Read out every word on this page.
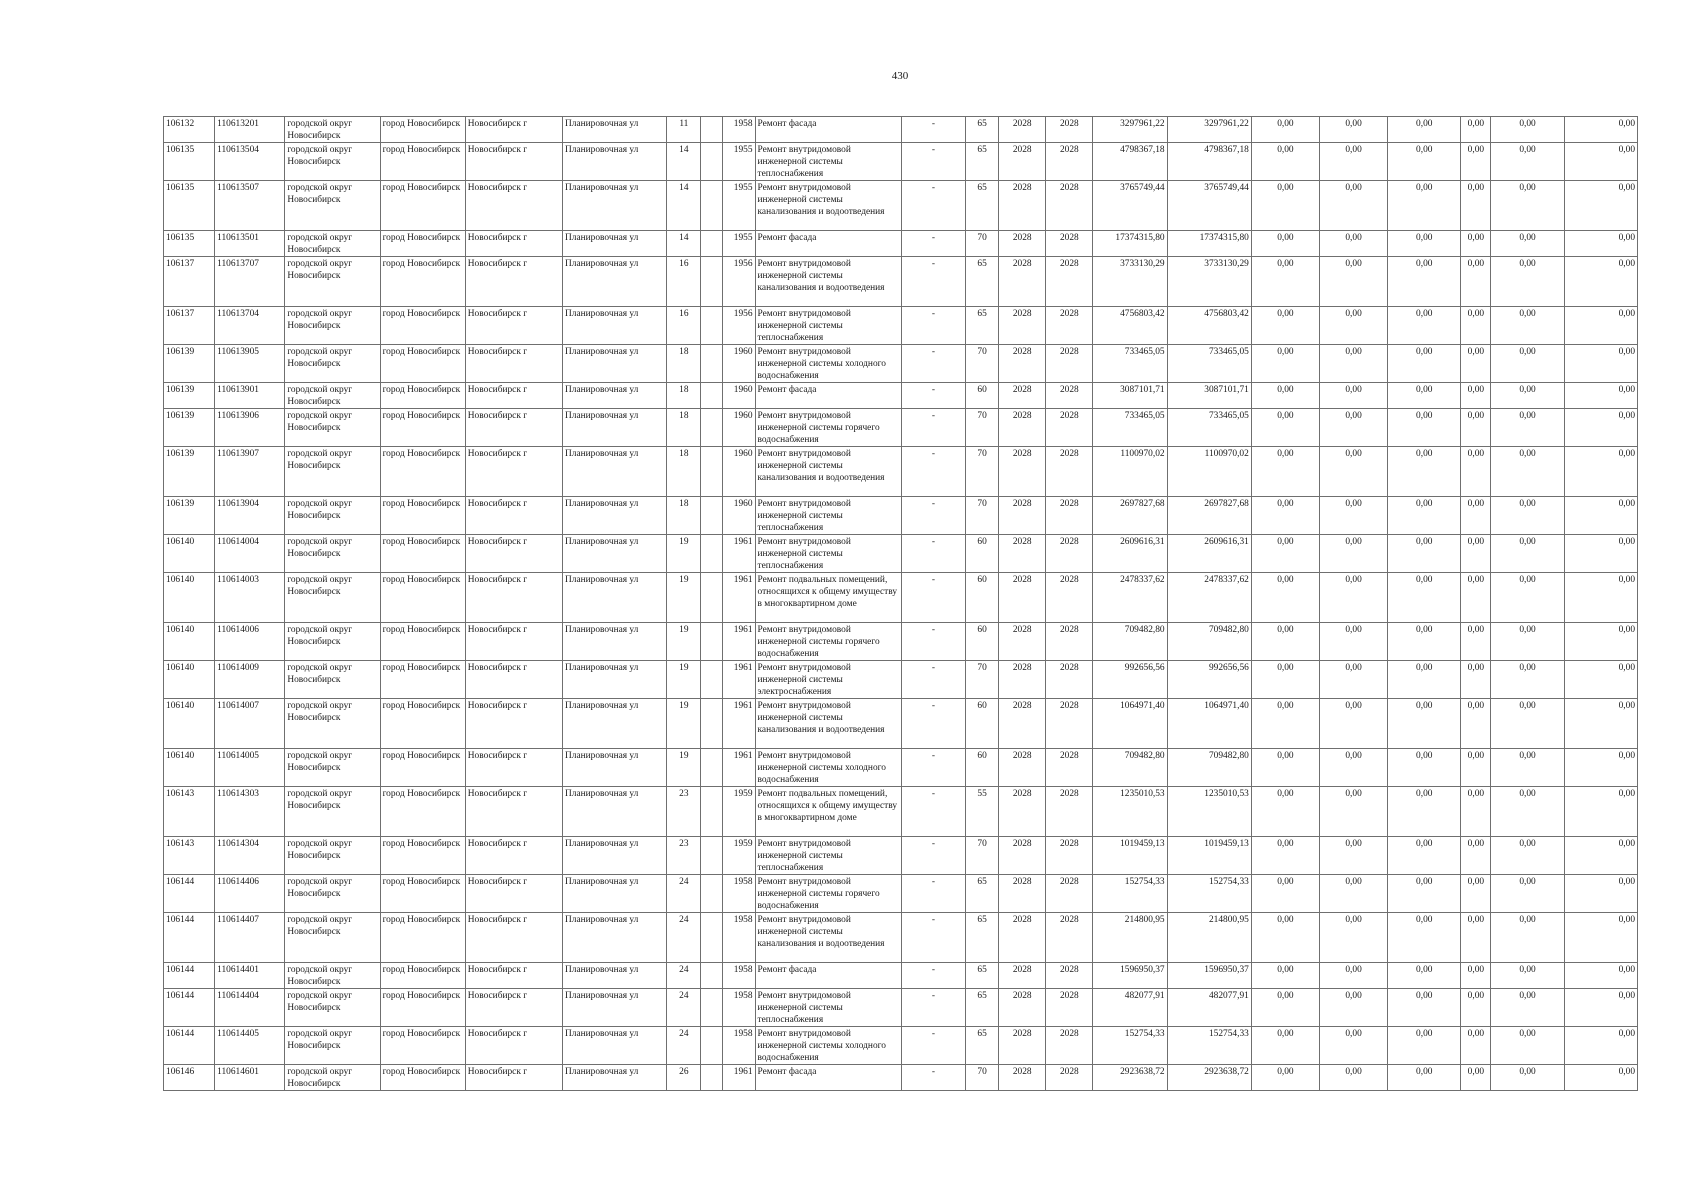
430
106132	110613201	городской округ Новосибирск	город Новосибирск	Новосибирск г	Планировочная ул	11		1958	Ремонт фасада	-	65	2028	2028	3297961,22	3297961,22	0,00	0,00	0,00	0,00	0,00	0,00
106135	110613504	городской округ Новосибирск	город Новосибирск	Новосибирск г	Планировочная ул	14		1955	Ремонт внутридомовой инженерной системы теплоснабжения	-	65	2028	2028	4798367,18	4798367,18	0,00	0,00	0,00	0,00	0,00	0,00
106135	110613507	городской округ Новосибирск	город Новосибирск	Новосибирск г	Планировочная ул	14		1955	Ремонт внутридомовой инженерной системы канализования и водоотведения	-	65	2028	2028	3765749,44	3765749,44	0,00	0,00	0,00	0,00	0,00	0,00
106135	110613501	городской округ Новосибирск	город Новосибирск	Новосибирск г	Планировочная ул	14		1955	Ремонт фасада	-	70	2028	2028	17374315,80	17374315,80	0,00	0,00	0,00	0,00	0,00	0,00
106137	110613707	городской округ Новосибирск	город Новосибирск	Новосибирск г	Планировочная ул	16		1956	Ремонт внутридомовой инженерной системы канализования и водоотведения	-	65	2028	2028	3733130,29	3733130,29	0,00	0,00	0,00	0,00	0,00	0,00
106137	110613704	городской округ Новосибирск	город Новосибирск	Новосибирск г	Планировочная ул	16		1956	Ремонт внутридомовой инженерной системы теплоснабжения	-	65	2028	2028	4756803,42	4756803,42	0,00	0,00	0,00	0,00	0,00	0,00
106139	110613905	городской округ Новосибирск	город Новосибирск	Новосибирск г	Планировочная ул	18		1960	Ремонт внутридомовой инженерной системы холодного водоснабжения	-	70	2028	2028	733465,05	733465,05	0,00	0,00	0,00	0,00	0,00	0,00
106139	110613901	городской округ Новосибирск	город Новосибирск	Новосибирск г	Планировочная ул	18		1960	Ремонт фасада	-	60	2028	2028	3087101,71	3087101,71	0,00	0,00	0,00	0,00	0,00	0,00
106139	110613906	городской округ Новосибирск	город Новосибирск	Новосибирск г	Планировочная ул	18		1960	Ремонт внутридомовой инженерной системы горячего водоснабжения	-	70	2028	2028	733465,05	733465,05	0,00	0,00	0,00	0,00	0,00	0,00
106139	110613907	городской округ Новосибирск	город Новосибирск	Новосибирск г	Планировочная ул	18		1960	Ремонт внутридомовой инженерной системы канализования и водоотведения	-	70	2028	2028	1100970,02	1100970,02	0,00	0,00	0,00	0,00	0,00	0,00
106139	110613904	городской округ Новосибирск	город Новосибирск	Новосибирск г	Планировочная ул	18		1960	Ремонт внутридомовой инженерной системы теплоснабжения	-	70	2028	2028	2697827,68	2697827,68	0,00	0,00	0,00	0,00	0,00	0,00
106140	110614004	городской округ Новосибирск	город Новосибирск	Новосибирск г	Планировочная ул	19		1961	Ремонт внутридомовой инженерной системы теплоснабжения	-	60	2028	2028	2609616,31	2609616,31	0,00	0,00	0,00	0,00	0,00	0,00
106140	110614003	городской округ Новосибирск	город Новосибирск	Новосибирск г	Планировочная ул	19		1961	Ремонт подвальных помещений, относящихся к общему имуществу в многоквартирном доме	-	60	2028	2028	2478337,62	2478337,62	0,00	0,00	0,00	0,00	0,00	0,00
106140	110614006	городской округ Новосибирск	город Новосибирск	Новосибирск г	Планировочная ул	19		1961	Ремонт внутридомовой инженерной системы горячего водоснабжения	-	60	2028	2028	709482,80	709482,80	0,00	0,00	0,00	0,00	0,00	0,00
106140	110614009	городской округ Новосибирск	город Новосибирск	Новосибирск г	Планировочная ул	19		1961	Ремонт внутридомовой инженерной системы электроснабжения	-	70	2028	2028	992656,56	992656,56	0,00	0,00	0,00	0,00	0,00	0,00
106140	110614007	городской округ Новосибирск	город Новосибирск	Новосибирск г	Планировочная ул	19		1961	Ремонт внутридомовой инженерной системы канализования и водоотведения	-	60	2028	2028	1064971,40	1064971,40	0,00	0,00	0,00	0,00	0,00	0,00
106140	110614005	городской округ Новосибирск	город Новосибирск	Новосибирск г	Планировочная ул	19		1961	Ремонт внутридомовой инженерной системы холодного водоснабжения	-	60	2028	2028	709482,80	709482,80	0,00	0,00	0,00	0,00	0,00	0,00
106143	110614303	городской округ Новосибирск	город Новосибирск	Новосибирск г	Планировочная ул	23		1959	Ремонт подвальных помещений, относящихся к общему имуществу в многоквартирном доме	-	55	2028	2028	1235010,53	1235010,53	0,00	0,00	0,00	0,00	0,00	0,00
106143	110614304	городской округ Новосибирск	город Новосибирск	Новосибирск г	Планировочная ул	23		1959	Ремонт внутридомовой инженерной системы теплоснабжения	-	70	2028	2028	1019459,13	1019459,13	0,00	0,00	0,00	0,00	0,00	0,00
106144	110614406	городской округ Новосибирск	город Новосибирск	Новосибирск г	Планировочная ул	24		1958	Ремонт внутридомовой инженерной системы горячего водоснабжения	-	65	2028	2028	152754,33	152754,33	0,00	0,00	0,00	0,00	0,00	0,00
106144	110614407	городской округ Новосибирск	город Новосибирск	Новосибирск г	Планировочная ул	24		1958	Ремонт внутридомовой инженерной системы канализования и водоотведения	-	65	2028	2028	214800,95	214800,95	0,00	0,00	0,00	0,00	0,00	0,00
106144	110614401	городской округ Новосибирск	город Новосибирск	Новосибирск г	Планировочная ул	24		1958	Ремонт фасада	-	65	2028	2028	1596950,37	1596950,37	0,00	0,00	0,00	0,00	0,00	0,00
106144	110614404	городской округ Новосибирск	город Новосибирск	Новосибирск г	Планировочная ул	24		1958	Ремонт внутридомовой инженерной системы теплоснабжения	-	65	2028	2028	482077,91	482077,91	0,00	0,00	0,00	0,00	0,00	0,00
106144	110614405	городской округ Новосибирск	город Новосибирск	Новосибирск г	Планировочная ул	24		1958	Ремонт внутридомовой инженерной системы холодного водоснабжения	-	65	2028	2028	152754,33	152754,33	0,00	0,00	0,00	0,00	0,00	0,00
106146	110614601	городской округ Новосибирск	город Новосибирск	Новосибирск г	Планировочная ул	26		1961	Ремонт фасада	-	70	2028	2028	2923638,72	2923638,72	0,00	0,00	0,00	0,00	0,00	0,00
